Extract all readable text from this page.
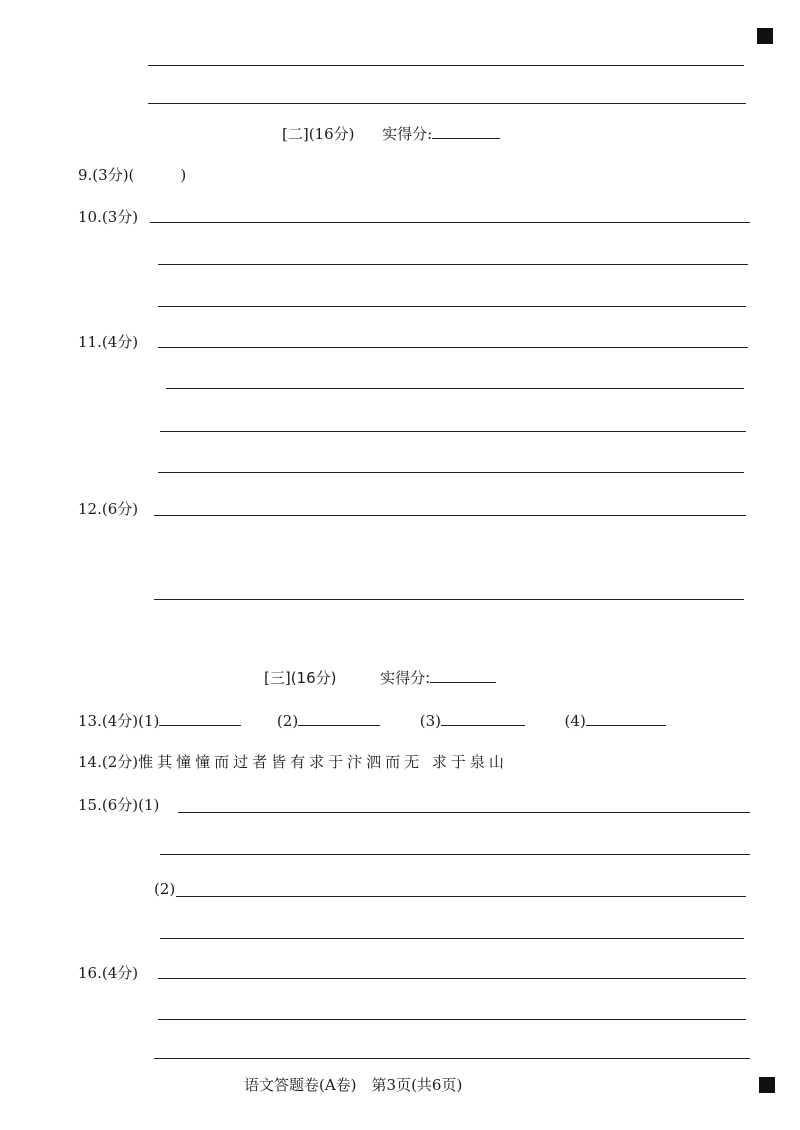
[二](16分) 实得分:
9.(3分)(	)
10.(3分)
11.(4分)
12.(6分)
[三](16分)	实得分:
13.(4分)(1)	(2)	(3)	(4)
14.(2分)惟其憧憧而过者皆有求于汴泗而无 求于泉山
15.(6分)(1)
(2)
16.(4分)
语文答题卷(A卷)　第3页(共6页)
